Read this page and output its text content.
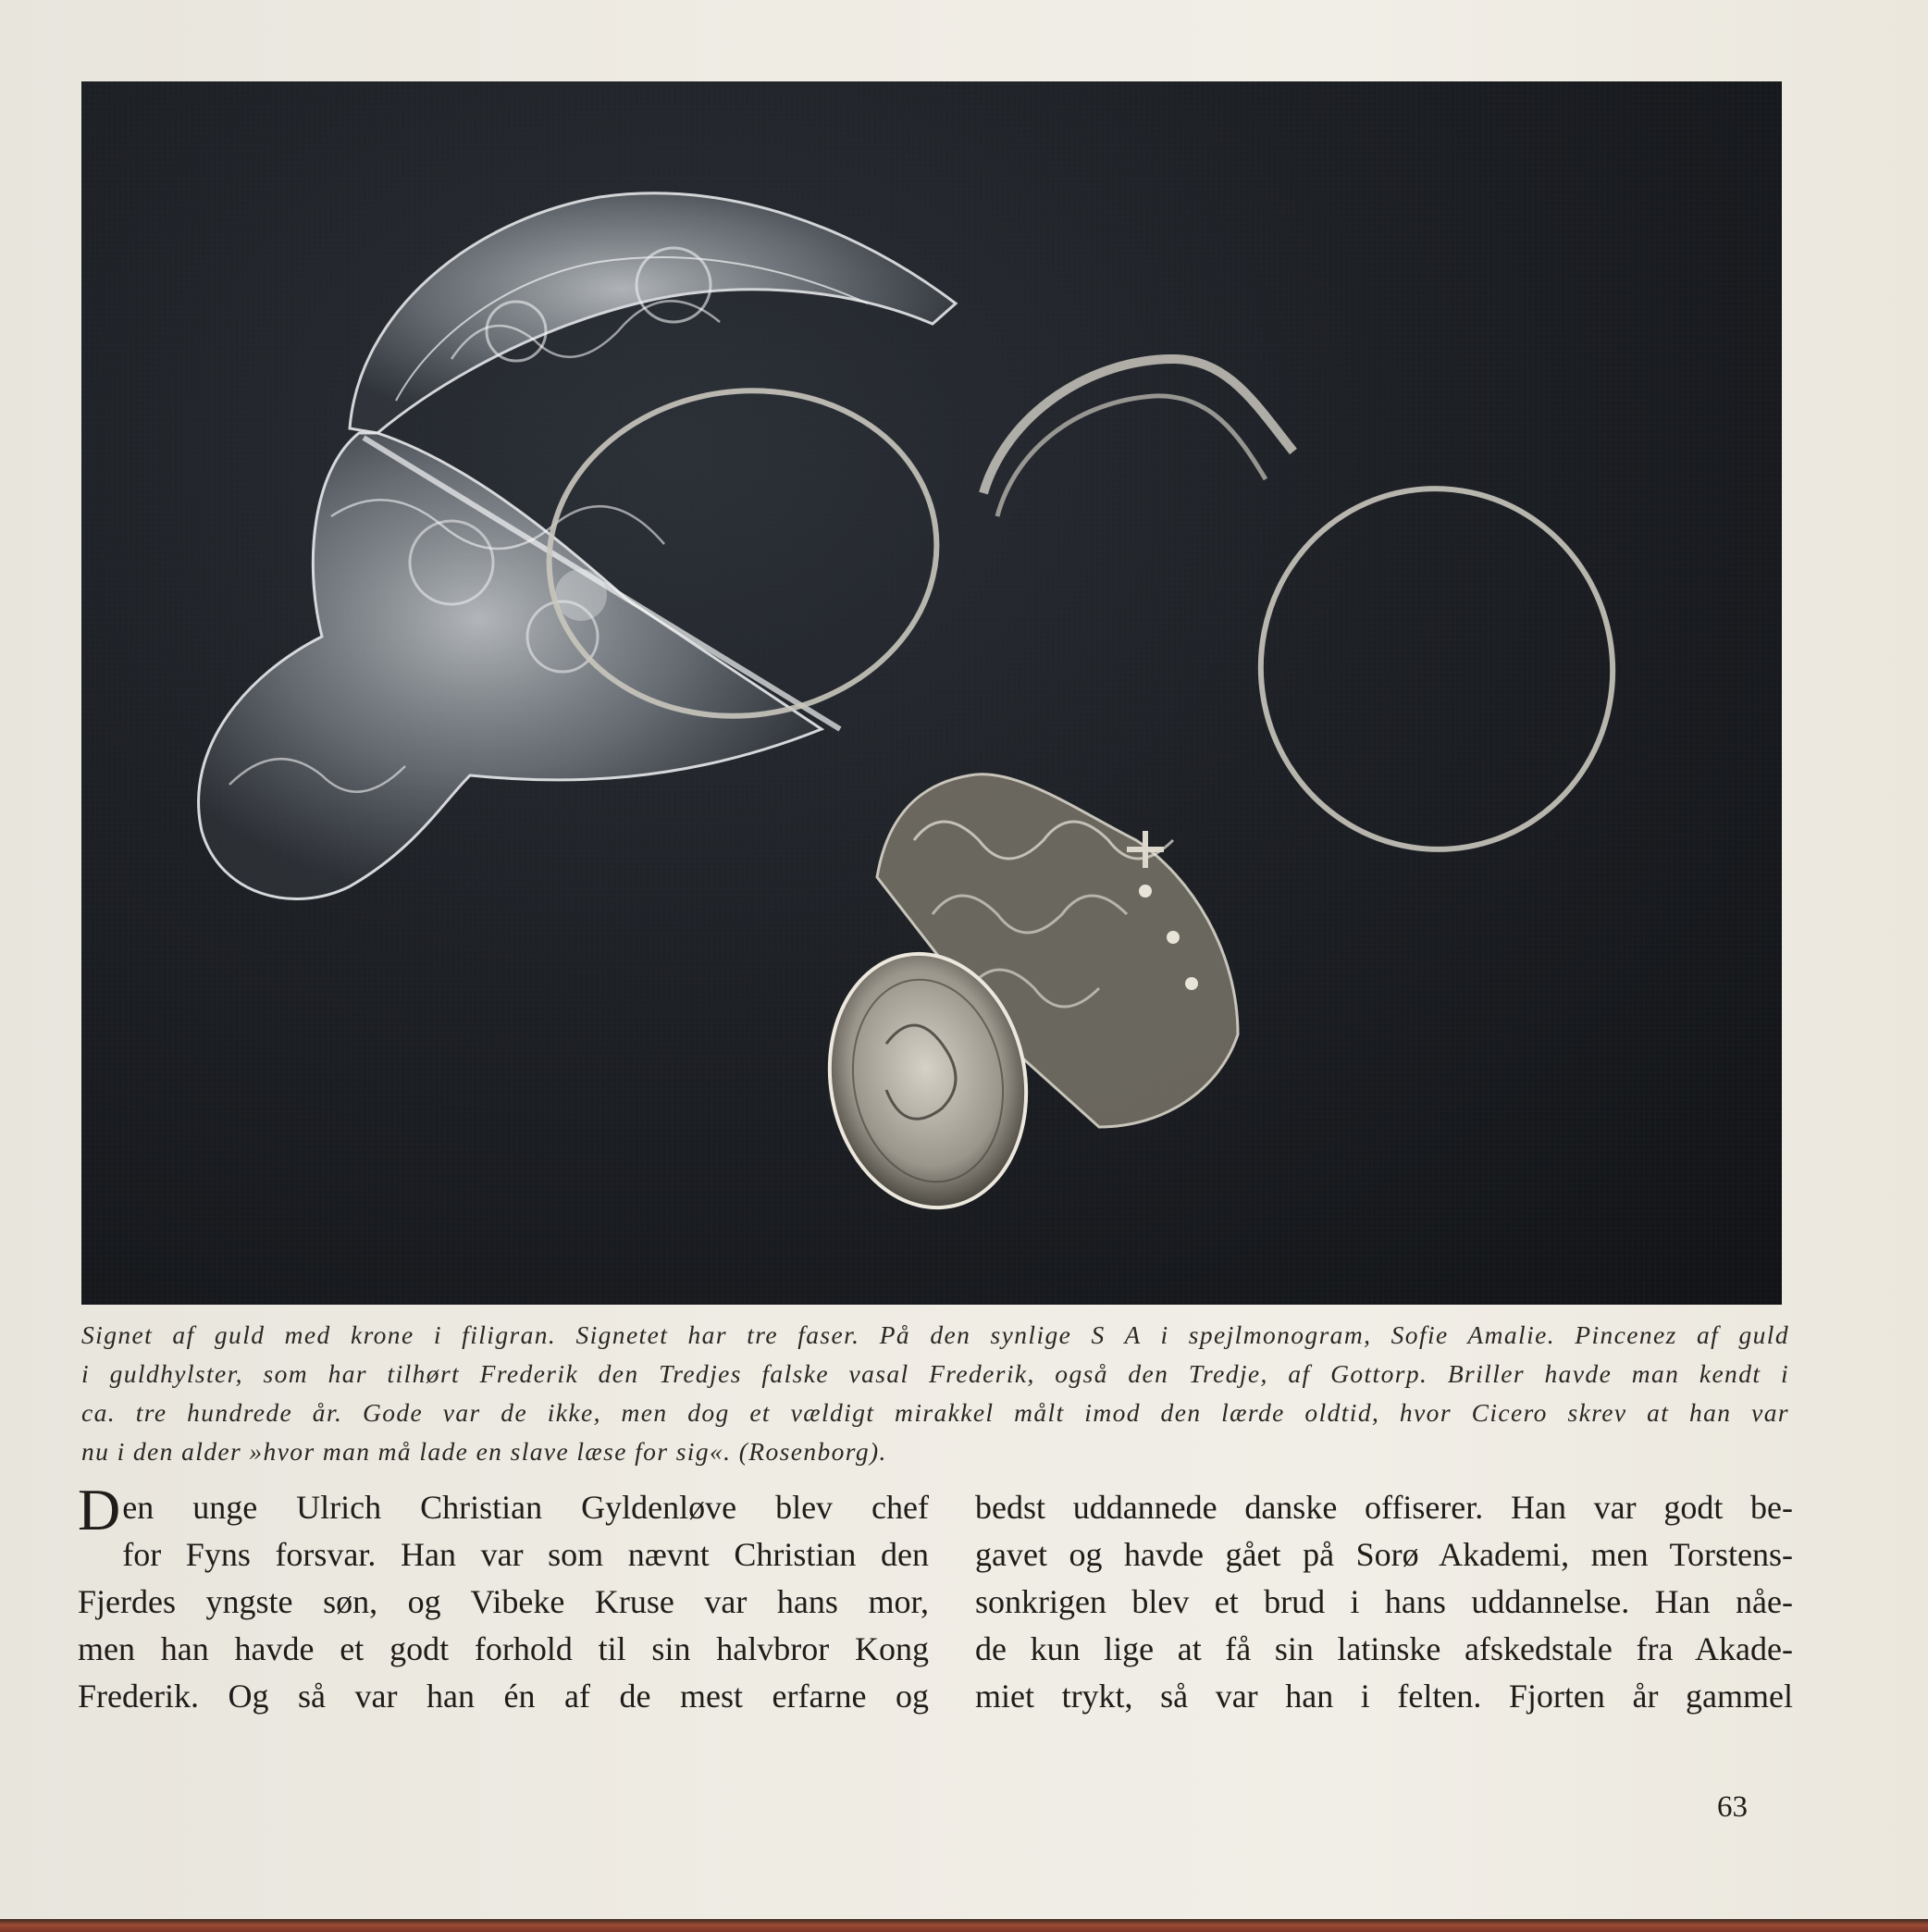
Signet af guld med krone i filigran. Signetet har tre faser. På den synlige S A i spejlmonogram, Sofie Amalie. Pincenez af guld
i guldhylster, som har tilhørt Frederik den Tredjes falske vasal Frederik, også den Tredje, af Gottorp. Briller havde man kendt i
ca. tre hundrede år. Gode var de ikke, men dog et vældigt mirakkel målt imod den lærde oldtid, hvor Cicero skrev at han var
nu i den alder »hvor man må lade en slave læse for sig«. (Rosenborg).
D en unge Ulrich Christian Gyldenløve blev chef
for Fyns forsvar. Han var som nævnt Christian den
Fjerdes yngste søn, og Vibeke Kruse var hans mor,
men han havde et godt forhold til sin halvbror Kong
Frederik. Og så var han én af de mest erfarne og
bedst uddannede danske offiserer. Han var godt be-
gavet og havde gået på Sorø Akademi, men Torstens-
sonkrigen blev et brud i hans uddannelse. Han nåe-
de kun lige at få sin latinske afskedstale fra Akade-
miet trykt, så var han i felten. Fjorten år gammel
63
